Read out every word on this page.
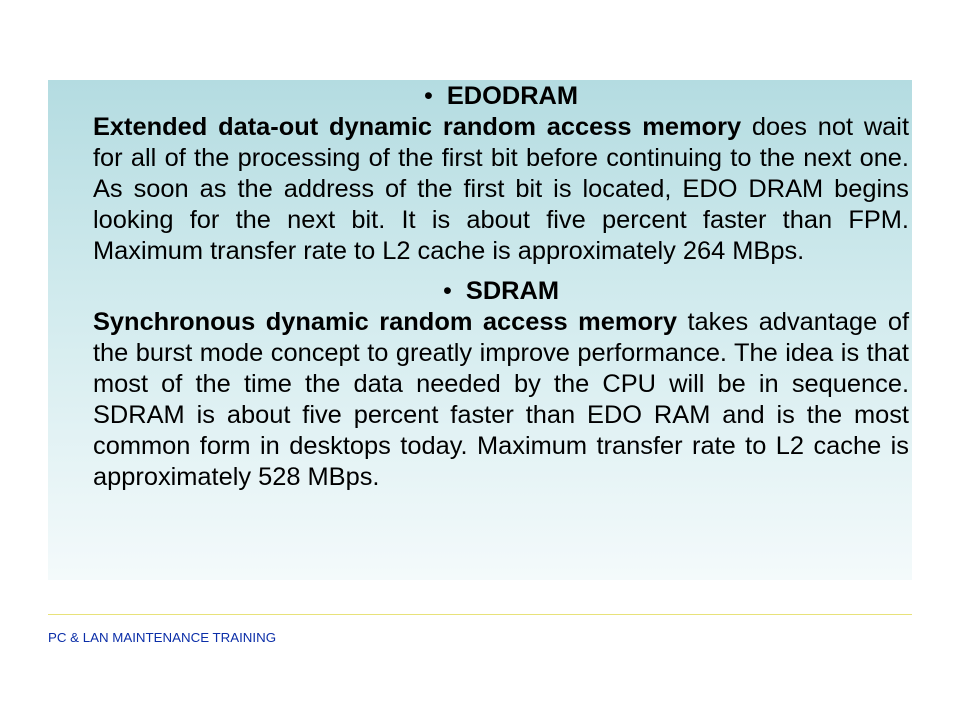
• EDODRAM

Extended data-out dynamic random access memory does not wait for all of the processing of the first bit before continuing to the next one. As soon as the address of the first bit is located, EDO DRAM begins looking for the next bit. It is about five percent faster than FPM. Maximum transfer rate to L2 cache is approximately 264 MBps.

• SDRAM

Synchronous dynamic random access memory takes advantage of the burst mode concept to greatly improve performance. The idea is that most of the time the data needed by the CPU will be in sequence. SDRAM is about five percent faster than EDO RAM and is the most common form in desktops today. Maximum transfer rate to L2 cache is approximately 528 MBps.

PC & LAN MAINTENANCE TRAINING
